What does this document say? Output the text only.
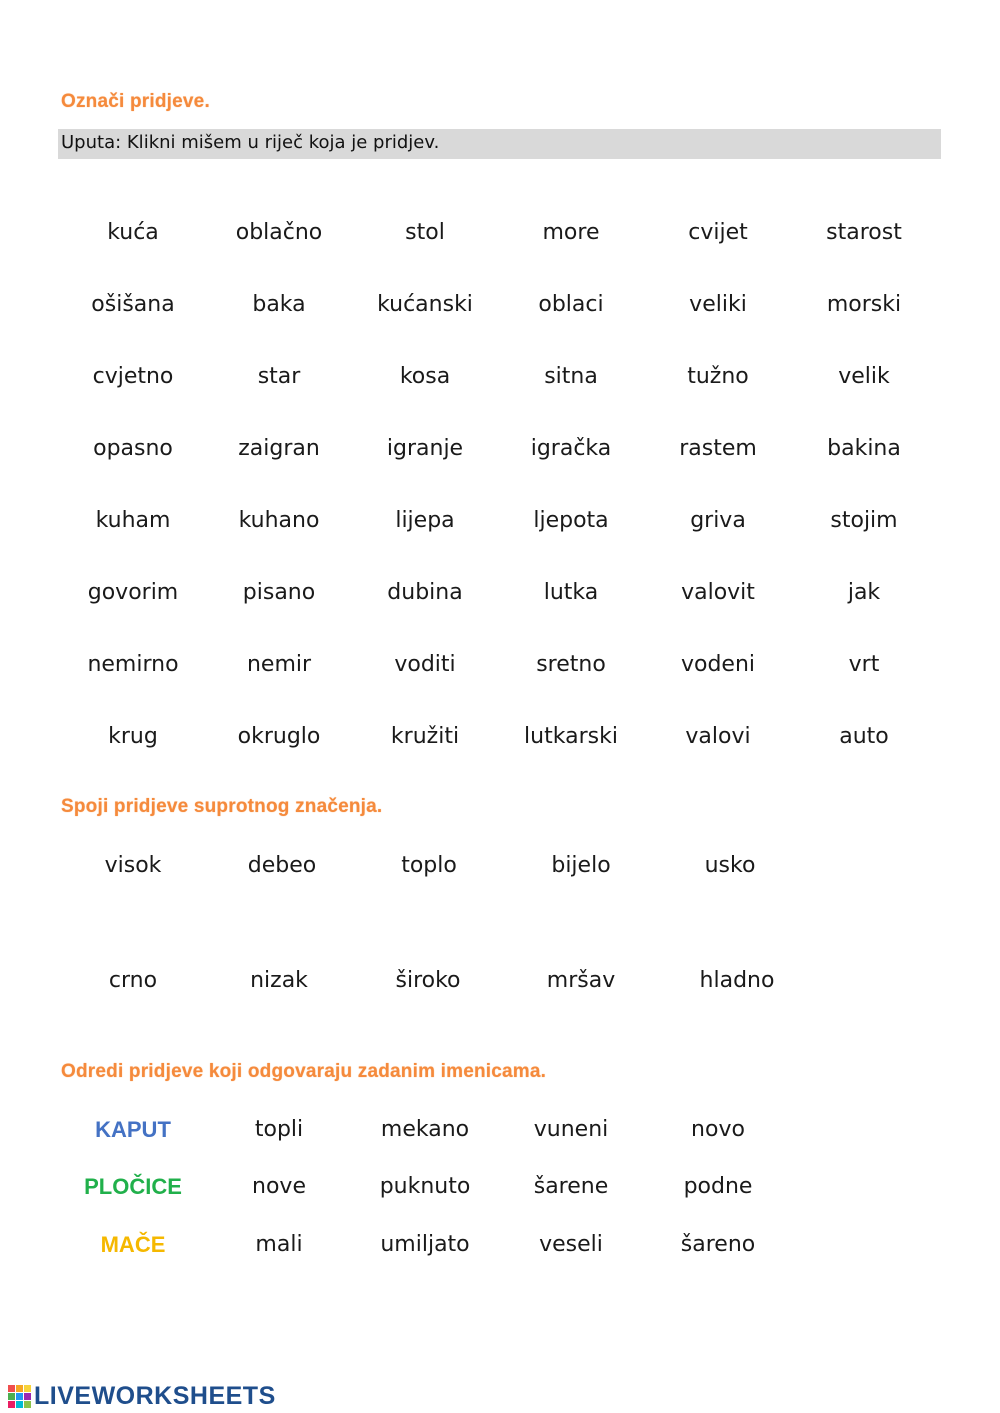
Označi pridjeve.
Uputa: Klikni mišem u riječ koja je pridjev.
kuća	oblačno	stol	more	cvijet	starost
ošišana	baka	kućanski	oblaci	veliki	morski
cvjetno	star	kosa	sitna	tužno	velik
opasno	zaigran	igranje	igračka	rastem	bakina
kuham	kuhano	lijepa	ljepota	griva	stojim
govorim	pisano	dubina	lutka	valovit	jak
nemirno	nemir	voditi	sretno	vodeni	vrt
krug	okruglo	kružiti	lutkarski	valovi	auto
Spoji pridjeve suprotnog značenja.
visok	debeo	toplo	bijelo	usko
crno	nizak	široko	mršav	hladno
Odredi pridjeve koji odgovaraju zadanim imenicama.
KAPUT	topli	mekano	vuneni	novo
PLOČICE	nove	puknuto	šarene	podne
MAČE	mali	umiljato	veseli	šareno
LIVEWORKSHEETS
